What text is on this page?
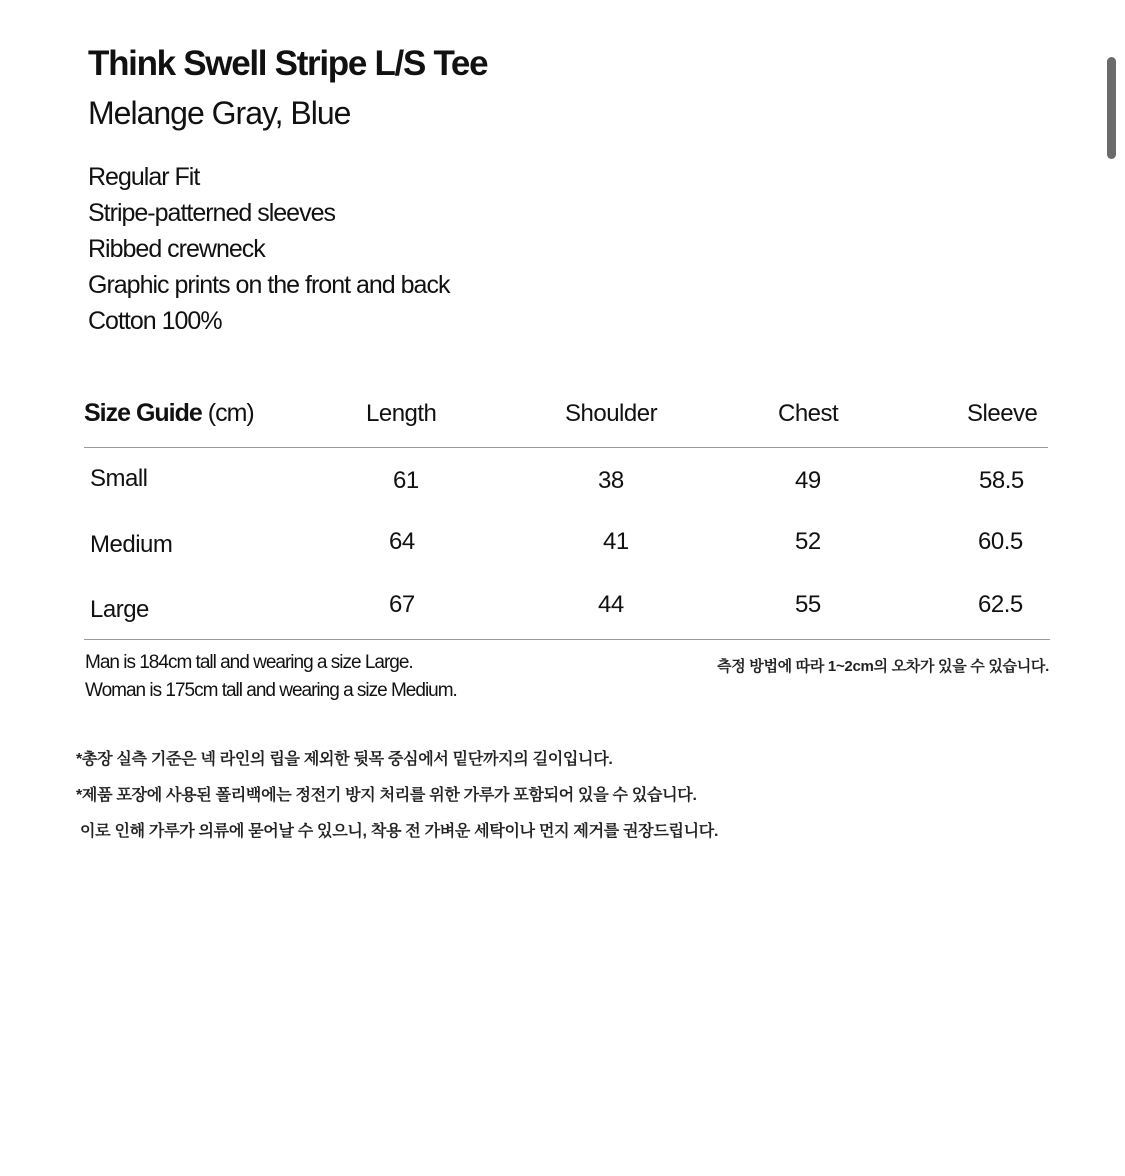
Think Swell Stripe L/S Tee
Melange Gray, Blue
Regular Fit
Stripe-patterned sleeves
Ribbed crewneck
Graphic prints on the front and back
Cotton 100%
Size Guide (cm)	Length	Shoulder	Chest	Sleeve
Small	61	38	49	58.5
Medium	64	41	52	60.5
Large	67	44	55	62.5
Man is 184cm tall and wearing a size Large.
Woman is 175cm tall and wearing a size Medium.
측정 방법에 따라 1~2cm의 오차가 있을 수 있습니다.
*총장 실측 기준은 넥 라인의 립을 제외한 뒷목 중심에서 밑단까지의 길이입니다.
*제품 포장에 사용된 폴리백에는 정전기 방지 처리를 위한 가루가 포함되어 있을 수 있습니다.
이로 인해 가루가 의류에 묻어날 수 있으니, 착용 전 가벼운 세탁이나 먼지 제거를 권장드립니다.
